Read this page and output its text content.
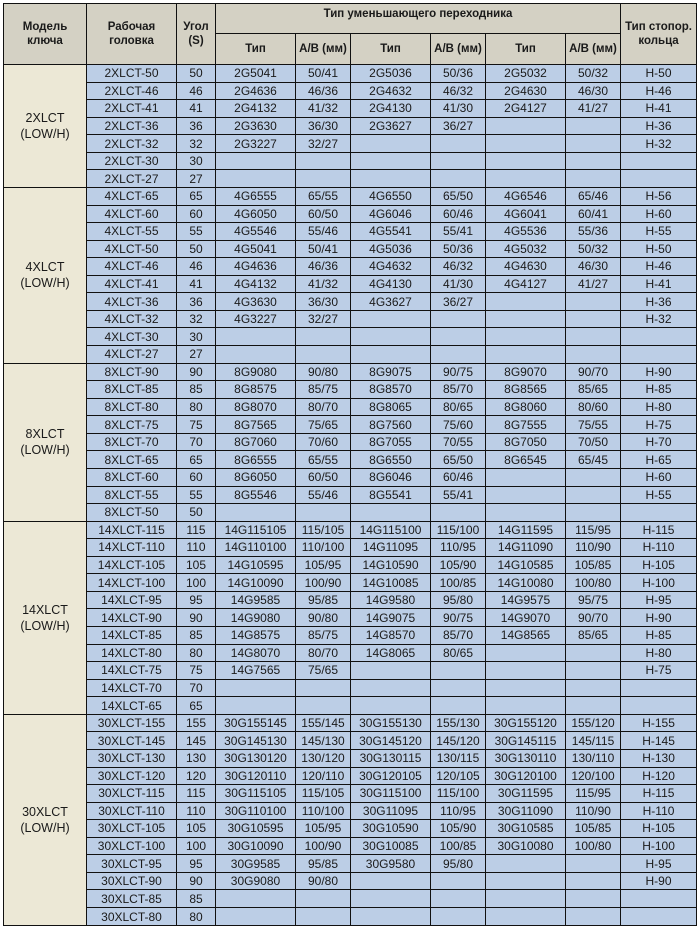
Модель ключа	Рабочая головка	Угол (S)	Тип уменьшающего переходника						Тип стопор. кольца
			Тип	A/B (мм)	Тип	A/B (мм)	Тип	A/B (мм)	
2XLCT (LOW/H)	2XLCT-50	50	2G5041	50/41	2G5036	50/36	2G5032	50/32	H-50
	2XLCT-46	46	2G4636	46/36	2G4632	46/32	2G4630	46/30	H-46
	2XLCT-41	41	2G4132	41/32	2G4130	41/30	2G4127	41/27	H-41
	2XLCT-36	36	2G3630	36/30	2G3627	36/27			H-36
	2XLCT-32	32	2G3227	32/27					H-32
	2XLCT-30	30							
	2XLCT-27	27							
4XLCT (LOW/H)	4XLCT-65	65	4G6555	65/55	4G6550	65/50	4G6546	65/46	H-56
	4XLCT-60	60	4G6050	60/50	4G6046	60/46	4G6041	60/41	H-60
	4XLCT-55	55	4G5546	55/46	4G5541	55/41	4G5536	55/36	H-55
	4XLCT-50	50	4G5041	50/41	4G5036	50/36	4G5032	50/32	H-50
	4XLCT-46	46	4G4636	46/36	4G4632	46/32	4G4630	46/30	H-46
	4XLCT-41	41	4G4132	41/32	4G4130	41/30	4G4127	41/27	H-41
	4XLCT-36	36	4G3630	36/30	4G3627	36/27			H-36
	4XLCT-32	32	4G3227	32/27					H-32
	4XLCT-30	30							
	4XLCT-27	27							
8XLCT (LOW/H)	8XLCT-90	90	8G9080	90/80	8G9075	90/75	8G9070	90/70	H-90
	8XLCT-85	85	8G8575	85/75	8G8570	85/70	8G8565	85/65	H-85
	8XLCT-80	80	8G8070	80/70	8G8065	80/65	8G8060	80/60	H-80
	8XLCT-75	75	8G7565	75/65	8G7560	75/60	8G7555	75/55	H-75
	8XLCT-70	70	8G7060	70/60	8G7055	70/55	8G7050	70/50	H-70
	8XLCT-65	65	8G6555	65/55	8G6550	65/50	8G6545	65/45	H-65
	8XLCT-60	60	8G6050	60/50	8G6046	60/46			H-60
	8XLCT-55	55	8G5546	55/46	8G5541	55/41			H-55
	8XLCT-50	50							
14XLCT (LOW/H)	14XLCT-115	115	14G115105	115/105	14G115100	115/100	14G11595	115/95	H-115
	14XLCT-110	110	14G110100	110/100	14G11095	110/95	14G11090	110/90	H-110
	14XLCT-105	105	14G10595	105/95	14G10590	105/90	14G10585	105/85	H-105
	14XLCT-100	100	14G10090	100/90	14G10085	100/85	14G10080	100/80	H-100
	14XLCT-95	95	14G9585	95/85	14G9580	95/80	14G9575	95/75	H-95
	14XLCT-90	90	14G9080	90/80	14G9075	90/75	14G9070	90/70	H-90
	14XLCT-85	85	14G8575	85/75	14G8570	85/70	14G8565	85/65	H-85
	14XLCT-80	80	14G8070	80/70	14G8065	80/65			H-80
	14XLCT-75	75	14G7565	75/65					H-75
	14XLCT-70	70							
	14XLCT-65	65							
30XLCT (LOW/H)	30XLCT-155	155	30G155145	155/145	30G155130	155/130	30G155120	155/120	H-155
	30XLCT-145	145	30G145130	145/130	30G145120	145/120	30G145115	145/115	H-145
	30XLCT-130	130	30G130120	130/120	30G130115	130/115	30G130110	130/110	H-130
	30XLCT-120	120	30G120110	120/110	30G120105	120/105	30G120100	120/100	H-120
	30XLCT-115	115	30G115105	115/105	30G115100	115/100	30G11595	115/95	H-115
	30XLCT-110	110	30G110100	110/100	30G11095	110/95	30G11090	110/90	H-110
	30XLCT-105	105	30G10595	105/95	30G10590	105/90	30G10585	105/85	H-105
	30XLCT-100	100	30G10090	100/90	30G10085	100/85	30G10080	100/80	H-100
	30XLCT-95	95	30G9585	95/85	30G9580	95/80			H-95
	30XLCT-90	90	30G9080	90/80					H-90
	30XLCT-85	85							
	30XLCT-80	80							
